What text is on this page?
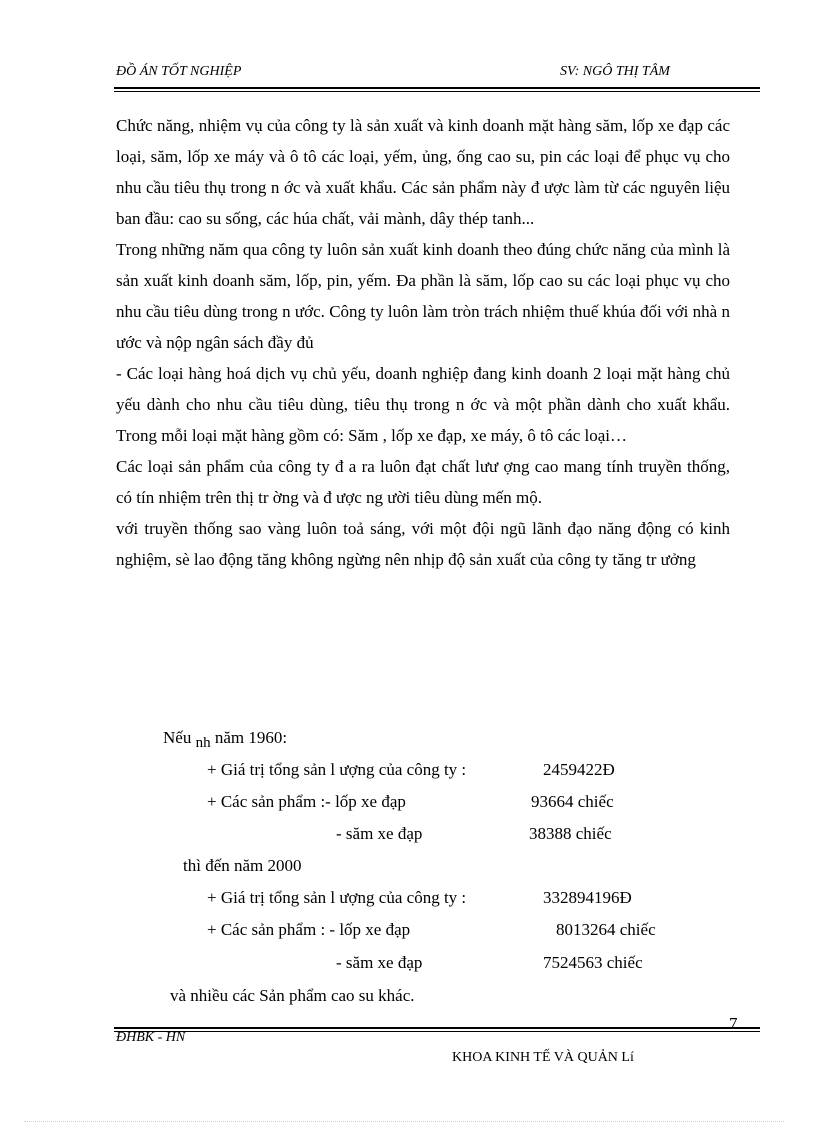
ĐỒ ÁN TỐT NGHIỆP	SV: NGÔ THỊ TÂM

Chức năng, nhiệm vụ của công ty là sản xuất và kinh doanh mặt hàng săm, lốp xe đạp các loại, săm, lốp xe máy và ô tô các loại, yếm, ủng, ống cao su, pin các loại để phục vụ cho nhu cầu tiêu thụ trong n ớc và xuất khẩu. Các sản phẩm này đ ược làm từ các nguyên liệu ban đầu: cao su sống, các húa chất, vải mành, dây thép tanh...

Trong những năm qua công ty luôn sản xuất kinh doanh theo đúng chức năng của mình là sản xuất kinh doanh săm, lốp, pin, yếm. Đa phần là săm, lốp cao su các loại phục vụ cho nhu cầu tiêu dùng trong n ước. Công ty luôn làm tròn trách nhiệm thuế khúa đối với nhà n ước và nộp ngân sách đầy đủ

- Các loại hàng hoá dịch vụ chủ yếu, doanh nghiệp đang kinh doanh 2 loại mặt hàng chủ yếu dành cho nhu cầu tiêu dùng, tiêu thụ trong n ớc và một phần dành cho xuất khẩu. Trong mỗi loại mặt hàng gồm có: Săm , lốp xe đạp, xe máy, ô tô các loại…

Các loại sản phẩm của công ty đ a ra luôn đạt chất lưư ợng cao mang tính truyền thống, có tín nhiệm trên thị tr ờng và đ ược ng ười tiêu dùng mến mộ.

với truyền thống sao vàng luôn toả sáng, với một đội ngũ lãnh đạo năng động có kinh nghiệm, sè lao động tăng không ngừng nên nhịp độ sản xuất của công ty tăng tr ưởng

Nếu nh năm 1960:
+ Giá trị tổng sản l ượng của công ty :	2459422Đ
+ Các sản phẩm :- lốp xe đạp	93664 chiếc
- săm xe đạp	38388 chiếc
thì đến năm 2000
+ Giá trị tổng sản l ượng của công ty :	332894196Đ
+ Các sản phẩm : - lốp xe đạp	8013264 chiếc
- săm xe đạp	7524563 chiếc
và nhiều các Sản phẩm cao su khác.
7
ĐHBK - HN
KHOA KINH TẾ VÀ QUẢN Lí
